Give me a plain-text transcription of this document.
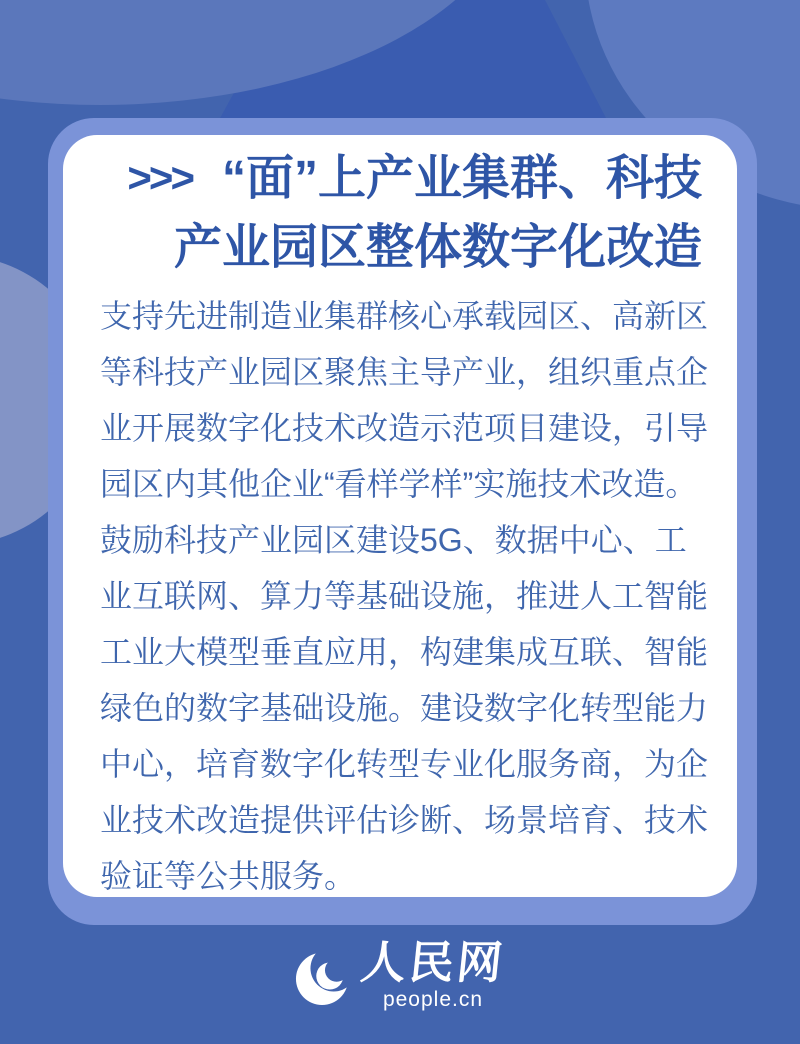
>>> “面”上产业集群、科技
产业园区整体数字化改造
支持先进制造业集群核心承载园区、高新区等科技产业园区聚焦主导产业，组织重点企业开展数字化技术改造示范项目建设，引导园区内其他企业“看样学样”实施技术改造。鼓励科技产业园区建设5G、数据中心、工业互联网、算力等基础设施，推进人工智能工业大模型垂直应用，构建集成互联、智能绿色的数字基础设施。建设数字化转型能力中心，培育数字化转型专业化服务商，为企业技术改造提供评估诊断、场景培育、技术验证等公共服务。
人民网
people.cn
